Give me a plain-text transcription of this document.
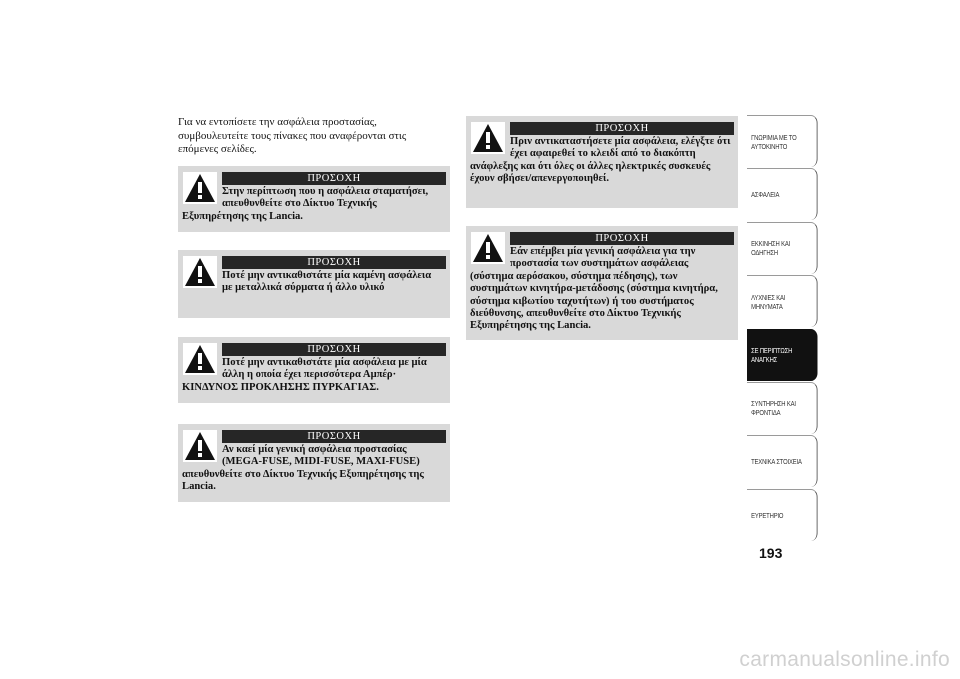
Για να εντοπίσετε την ασφάλεια προστασίας,
συμβουλευτείτε τους πίνακες που αναφέρονται στις
επόμενες σελίδες.
ΠΡΟΣΟΧΗ
Στην περίπτωση που η ασφάλεια σταματήσει, απευθυνθείτε στο Δίκτυο Τεχνικής Εξυπηρέτησης της Lancia.
ΠΡΟΣΟΧΗ
Ποτέ μην αντικαθιστάτε μία καμένη ασφάλεια με μεταλλικά σύρματα ή άλλο υλικό
ΠΡΟΣΟΧΗ
Ποτέ μην αντικαθιστάτε μία ασφάλεια με μία άλλη η οποία έχει περισσότερα Αμπέρ· ΚΙΝΔΥΝΟΣ ΠΡΟΚΛΗΣΗΣ ΠΥΡΚΑΓΙΑΣ.
ΠΡΟΣΟΧΗ
Αν καεί μία γενική ασφάλεια προστασίας (MEGA-FUSE, MIDI-FUSE, MAXI-FUSE) απευθυνθείτε στο Δίκτυο Τεχνικής Εξυπηρέτησης της Lancia.
ΠΡΟΣΟΧΗ
Πριν αντικαταστήσετε μία ασφάλεια, ελέγξτε ότι έχει αφαιρεθεί το κλειδί από το διακόπτη ανάφλεξης και ότι όλες οι άλλες ηλεκτρικές συσκευές έχουν σβήσει/απενεργοποιηθεί.
ΠΡΟΣΟΧΗ
Εάν επέμβει μία γενική ασφάλεια για την προστασία των συστημάτων ασφάλειας (σύστημα αερόσακου, σύστημα πέδησης), των συστημάτων κινητήρα-μετάδοσης (σύστημα κινητήρα, σύστημα κιβωτίου ταχυτήτων) ή του συστήματος διεύθυνσης, απευθυνθείτε στο Δίκτυο Τεχνικής Εξυπηρέτησης της Lancia.
ΓΝΩΡΙΜΙΑ ΜΕ ΤΟ
ΑΥΤΟΚΙΝΗΤΟ
ΑΣΦΑΛΕΙΑ
ΕΚΚΙΝΗΣΗ ΚΑΙ
ΟΔΗΓΗΣΗ
ΛΥΧΝΙΕΣ ΚΑΙ
ΜΗΝΥΜΑΤΑ
ΣΕ ΠΕΡΙΠΤΩΣΗ
ΑΝΑΓΚΗΣ
ΣΥΝΤΗΡΗΣΗ ΚΑΙ
ΦΡΟΝΤΙΔΑ
ΤΕΧΝΙΚΑ ΣΤΟΙΧΕΙΑ
ΕΥΡΕΤΗΡΙΟ
193
carmanualsonline.info
